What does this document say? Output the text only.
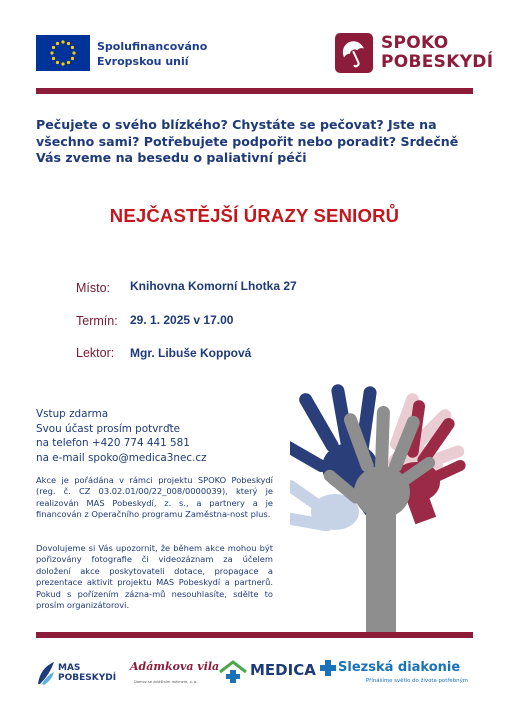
Spolufinancováno
Evropskou unií
SPOKO
POBESKYDÍ
Pečujete o svého blízkého? Chystáte se pečovat? Jste na všechno sami? Potřebujete podpořit nebo poradit? Srdečně Vás zveme na besedu o paliativní péči
NEJČASTĚJŠÍ ÚRAZY SENIORŮ
Místo: Knihovna Komorní Lhotka 27
Termín: 29. 1. 2025 v 17.00
Lektor: Mgr. Libuše Koppová
Vstup zdarma
Svou účast prosím potvrďte
na telefon +420 774 441 581
na e-mail spoko@medica3nec.cz
Akce je pořádána v rámci projektu SPOKO Pobeskydí (reg. č. CZ 03.02.01/00/22_008/0000039), který je realizován MAS Pobeskydí, z. s., a partnery a je financován z Operačního programu Zaměstna-nost plus.
Dovolujeme si Vás upozornit, že během akce mohou být pořizovány fotografie či videozáznam za účelem doložení akce poskytovateli dotace, propagace a prezentace aktivit projektu MAS Pobeskydí a partnerů. Pokud s pořízením zázna-mů nesouhlasíte, sdělte to prosím organizátorovi.
MAS
POBESKYDÍ
Adámkova vila
Domov se zvláštním režimem, o. p.
MEDICA Slezská diakonie
Přinášíme světlo do života potřebným
